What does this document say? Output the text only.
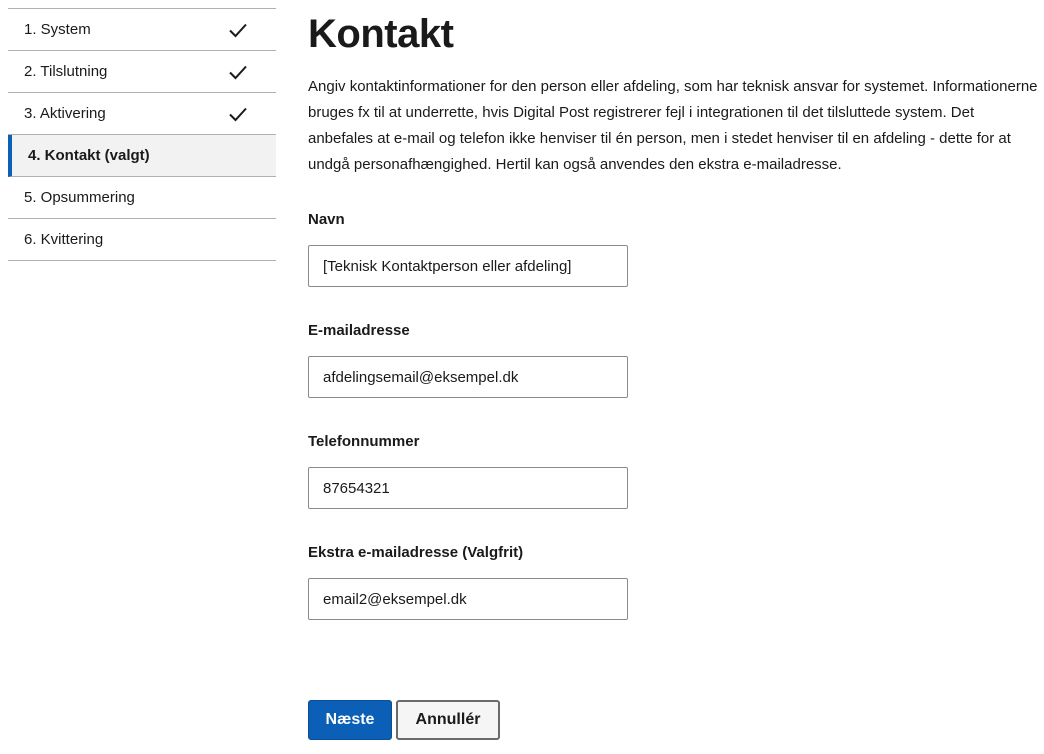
1. System
2. Tilslutning
3. Aktivering
4. Kontakt (valgt)
5. Opsummering
6. Kvittering
Kontakt

Angiv kontaktinformationer for den person eller afdeling, som har teknisk ansvar for systemet. Informationerne bruges fx til at underrette, hvis Digital Post registrerer fejl i integrationen til det tilsluttede system. Det anbefales at e-mail og telefon ikke henviser til én person, men i stedet henviser til en afdeling - dette for at undgå personafhængighed. Hertil kan også anvendes den ekstra e-mailadresse.

Navn
[Teknisk Kontaktperson eller afdeling]
E-mailadresse
afdelingsemail@eksempel.dk
Telefonnummer
87654321
Ekstra e-mailadresse (Valgfrit)
email2@eksempel.dk
Næste	Annullér
